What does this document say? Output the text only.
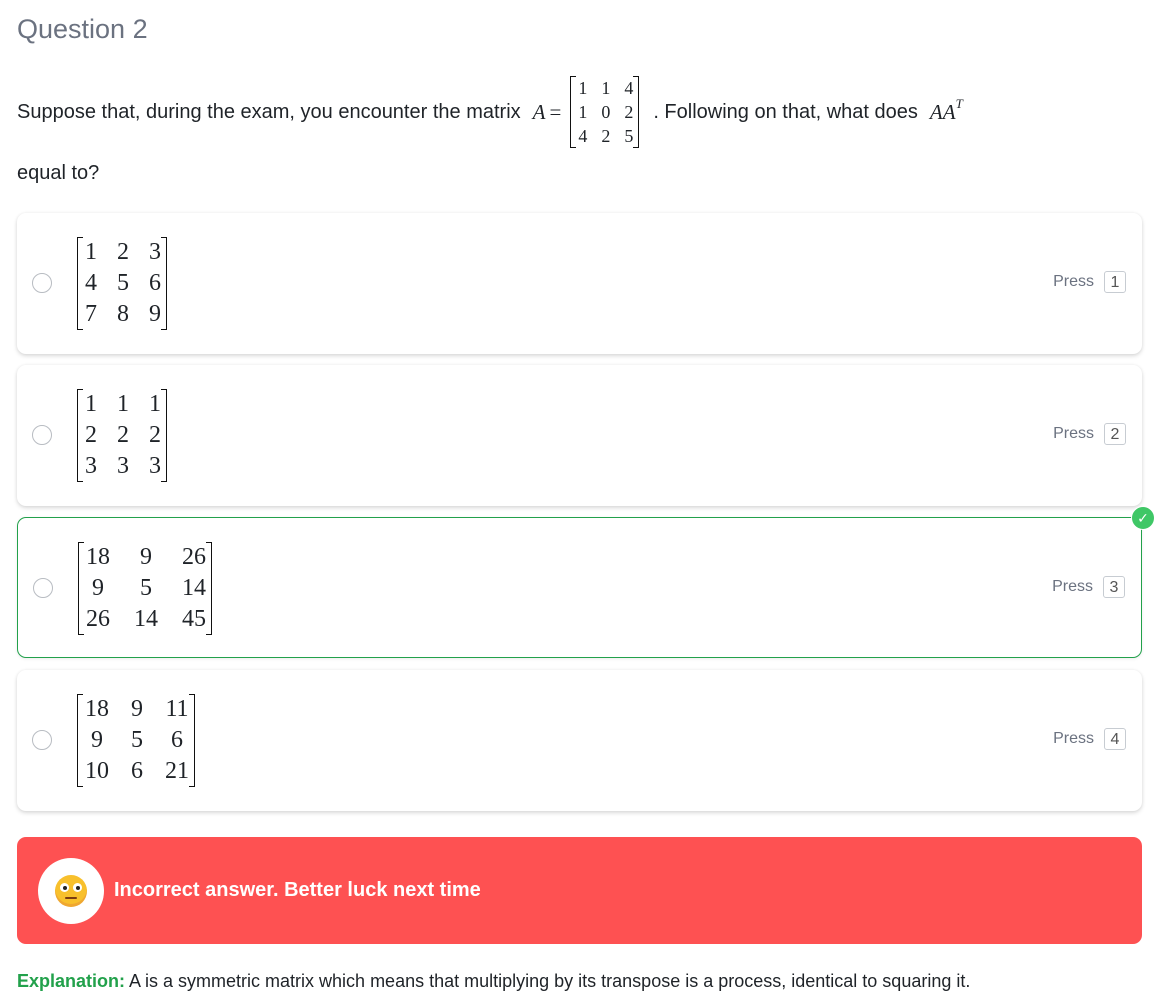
Question 2
Suppose that, during the exam, you encounter the matrix A =
1 1 4
1 0 2
4 2 5
. Following on that, what does $AA^T$
equal to?
1 2 3
4 5 6
7 8 9
Press	1
1 1 1
2 2 2
3 3 3
Press	2
✓
18 9 26
9 5 14
26 14 45
Press	3
18 9 11
9 5 6
10 6 21
Press	4
Incorrect answer. Better luck next time
Explanation: A is a symmetric matrix which means that multiplying by its transpose is a process, identical to squaring it.
